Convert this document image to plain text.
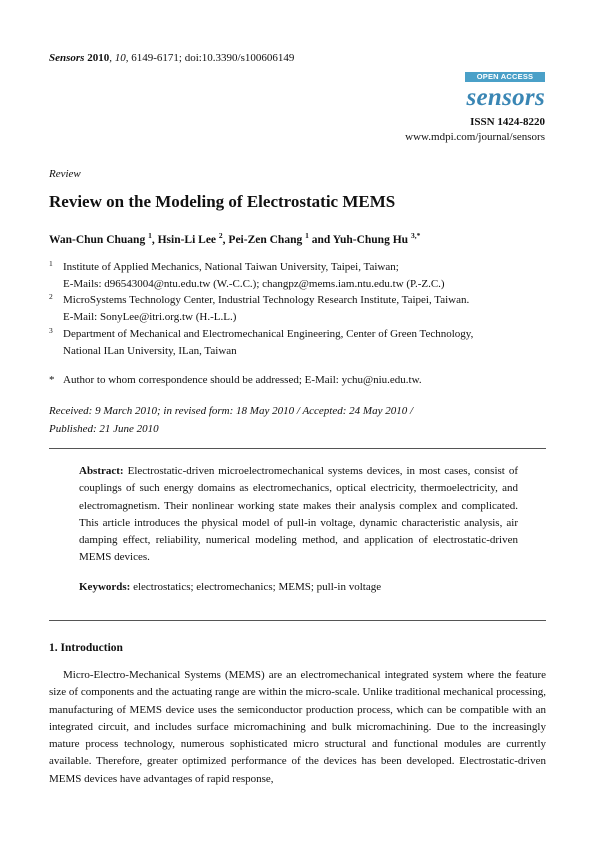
Sensors 2010, 10, 6149-6171; doi:10.3390/s100606149
OPEN ACCESS
sensors
ISSN 1424-8220
www.mdpi.com/journal/sensors
Review
Review on the Modeling of Electrostatic MEMS
Wan-Chun Chuang $^1$, Hsin-Li Lee $^2$, Pei-Zen Chang $^1$ and Yuh-Chung Hu $^{3,*}$
1 Institute of Applied Mechanics, National Taiwan University, Taipei, Taiwan;
E-Mails: d96543004@ntu.edu.tw (W.-C.C.); changpz@mems.iam.ntu.edu.tw (P.-Z.C.)
2 MicroSystems Technology Center, Industrial Technology Research Institute, Taipei, Taiwan.
E-Mail: SonyLee@itri.org.tw (H.-L.L.)
3 Department of Mechanical and Electromechanical Engineering, Center of Green Technology,
National ILan University, ILan, Taiwan
* Author to whom correspondence should be addressed; E-Mail: ychu@niu.edu.tw.
Received: 9 March 2010; in revised form: 18 May 2010 / Accepted: 24 May 2010 /
Published: 21 June 2010
Abstract: Electrostatic-driven microelectromechanical systems devices, in most cases, consist of couplings of such energy domains as electromechanics, optical electricity, thermoelectricity, and electromagnetism. Their nonlinear working state makes their analysis complex and complicated. This article introduces the physical model of pull-in voltage, dynamic characteristic analysis, air damping effect, reliability, numerical modeling method, and application of electrostatic-driven MEMS devices.
Keywords: electrostatics; electromechanics; MEMS; pull-in voltage
1. Introduction
Micro-Electro-Mechanical Systems (MEMS) are an electromechanical integrated system where the feature size of components and the actuating range are within the micro-scale. Unlike traditional mechanical processing, manufacturing of MEMS device uses the semiconductor production process, which can be compatible with an integrated circuit, and includes surface micromachining and bulk micromachining. Due to the increasingly mature process technology, numerous sophisticated micro structural and functional modules are currently available. Therefore, greater optimized performance of the devices has been developed. Electrostatic-driven MEMS devices have advantages of rapid response,
